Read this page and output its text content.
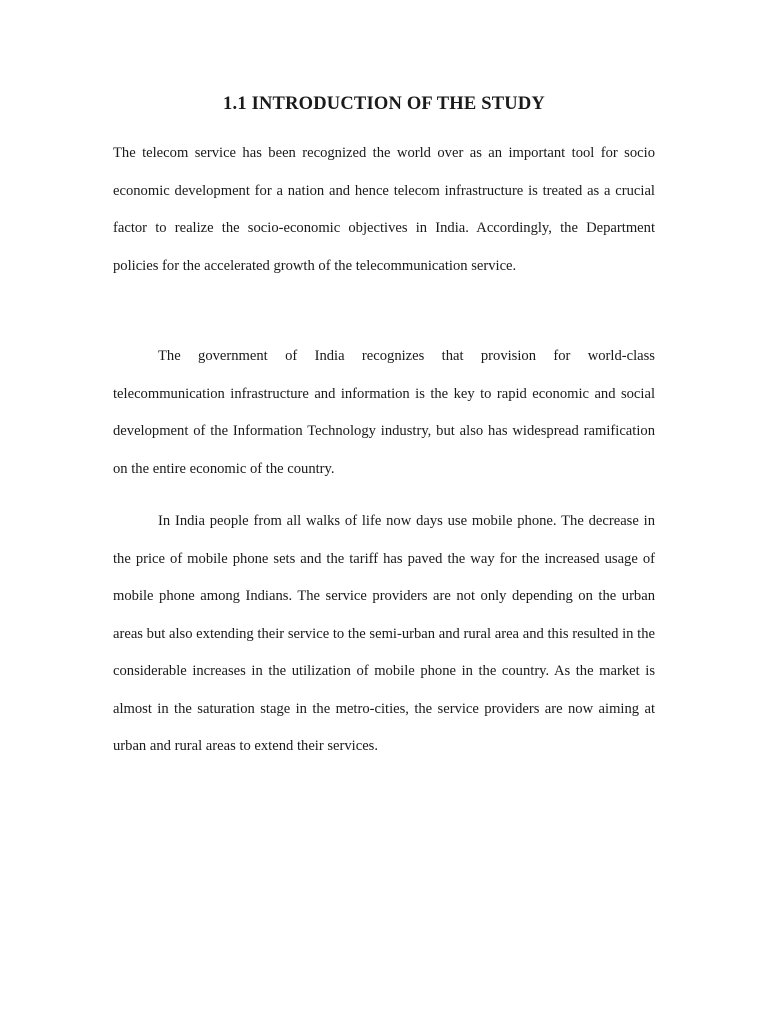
1.1 INTRODUCTION OF THE STUDY

The telecom service has been recognized the world over as an important tool for socio economic development for a nation and hence telecom infrastructure is treated as a crucial factor to realize the socio-economic objectives in India. Accordingly, the Department policies for the accelerated growth of the telecommunication service.

The government of India recognizes that provision for world-class telecommunication infrastructure and information is the key to rapid economic and social development of the Information Technology industry, but also has widespread ramification on the entire economic of the country.

In India people from all walks of life now days use mobile phone. The decrease in the price of mobile phone sets and the tariff has paved the way for the increased usage of mobile phone among Indians. The service providers are not only depending on the urban areas but also extending their service to the semi-urban and rural area and this resulted in the considerable increases in the utilization of mobile phone in the country. As the market is almost in the saturation stage in the metro-cities, the service providers are now aiming at urban and rural areas to extend their services.
